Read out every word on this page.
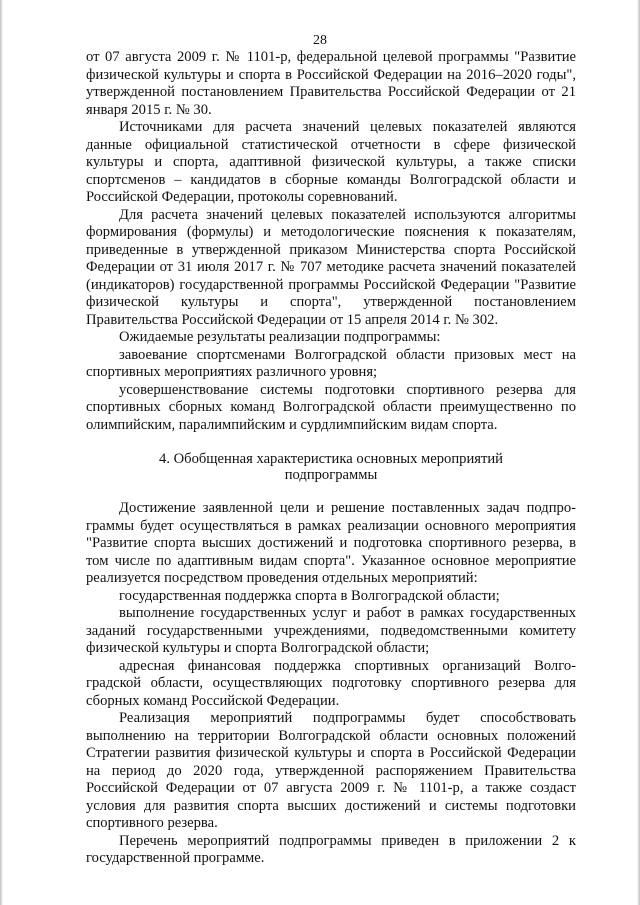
28

от 07 августа 2009 г. № 1101-р, федеральной целевой программы "Развитие физической культуры и спорта в Российской Федерации на 2016–2020 годы", утвержденной постановлением Правительства Российской Федерации от 21 января 2015 г. № 30.

Источниками для расчета значений целевых показателей являются данные официальной статистической отчетности в сфере физической культуры и спорта, адаптивной физической культуры, а также списки спортсменов – кандидатов в сборные команды Волгоградской области и Российской Федерации, протоколы соревнований.

Для расчета значений целевых показателей используются алгоритмы формирования (формулы) и методологические пояснения к показателям, приведенные в утвержденной приказом Министерства спорта Российской Федерации от 31 июля 2017 г. № 707 методике расчета значений показателей (индикаторов) государственной программы Российской Федерации "Развитие физической культуры и спорта", утвержденной постановлением Правительства Российской Федерации от 15 апреля 2014 г. № 302.

Ожидаемые результаты реализации подпрограммы:

завоевание спортсменами Волгоградской области призовых мест на спортивных мероприятиях различного уровня;

усовершенствование системы подготовки спортивного резерва для спортивных сборных команд Волгоградской области преимущественно по олимпийским, паралимпийским и сурдлимпийским видам спорта.

4. Обобщенная характеристика основных мероприятий подпрограммы

Достижение заявленной цели и решение поставленных задач подпрограммы будет осуществляться в рамках реализации основного мероприятия "Развитие спорта высших достижений и подготовка спортивного резерва, в том числе по адаптивным видам спорта". Указанное основное мероприятие реализуется посредством проведения отдельных мероприятий:

государственная поддержка спорта в Волгоградской области;

выполнение государственных услуг и работ в рамках государственных заданий государственными учреждениями, подведомственными комитету физической культуры и спорта Волгоградской области;

адресная финансовая поддержка спортивных организаций Волгоградской области, осуществляющих подготовку спортивного резерва для сборных команд Российской Федерации.

Реализация мероприятий подпрограммы будет способствовать выполнению на территории Волгоградской области основных положений Стратегии развития физической культуры и спорта в Российской Федерации на период до 2020 года, утвержденной распоряжением Правительства Российской Федерации от 07 августа 2009 г. № 1101-р, а также создаст условия для развития спорта высших достижений и системы подготовки спортивного резерва.

Перечень мероприятий подпрограммы приведен в приложении 2 к государственной программе.
